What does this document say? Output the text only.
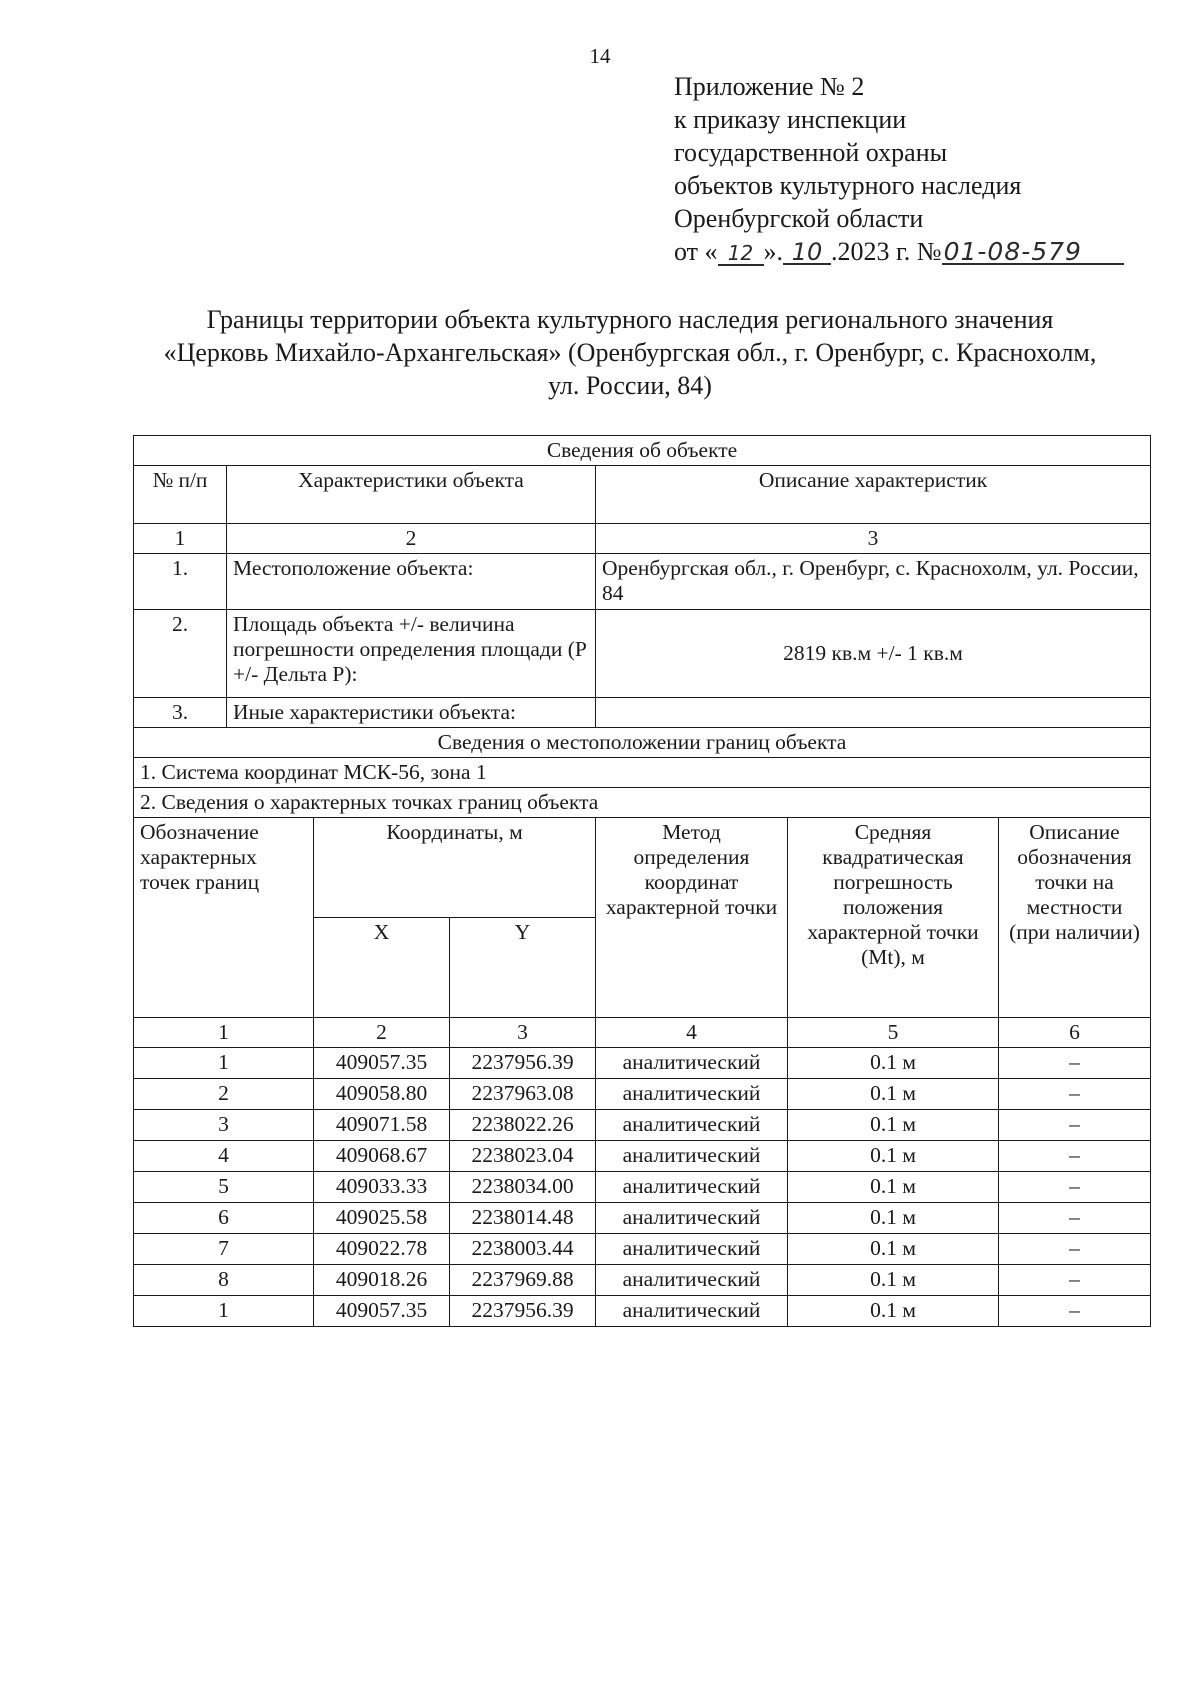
14
Приложение № 2
к приказу инспекции
государственной охраны
объектов культурного наследия
Оренбургской области
от « 12 ». 10 .2023 г. №01-08-579
Границы территории объекта культурного наследия регионального значения
«Церковь Михайло-Архангельская» (Оренбургская обл., г. Оренбург, с. Краснохолм,
ул. России, 84)
Сведения об объекте						
№ п/п	Характеристики объекта			Описание характеристик		
1	2			3		
1.	Местоположение объекта:			Оренбургская обл., г. Оренбург, с. Краснохолм, ул. России, 84		
2.	Площадь объекта +/- величина погрешности определения площади (P +/- Дельта P):			2819 кв.м +/- 1 кв.м		
3.	Иные характеристики объекта:					
Сведения о местоположении границ объекта						
1. Система координат МСК-56, зона 1						
2. Сведения о характерных точках границ объекта						
Обозначение характерных точек границ		Координаты, м		Метод определения координат характерной точки	Средняя квадратическая погрешность положения характерной точки (Mt), м	Описание обозначения точки на местности (при наличии)
		X	Y			
1		2	3	4	5	6
1		409057.35	2237956.39	аналитический	0.1 м	–
2		409058.80	2237963.08	аналитический	0.1 м	–
3		409071.58	2238022.26	аналитический	0.1 м	–
4		409068.67	2238023.04	аналитический	0.1 м	–
5		409033.33	2238034.00	аналитический	0.1 м	–
6		409025.58	2238014.48	аналитический	0.1 м	–
7		409022.78	2238003.44	аналитический	0.1 м	–
8		409018.26	2237969.88	аналитический	0.1 м	–
1		409057.35	2237956.39	аналитический	0.1 м	–
